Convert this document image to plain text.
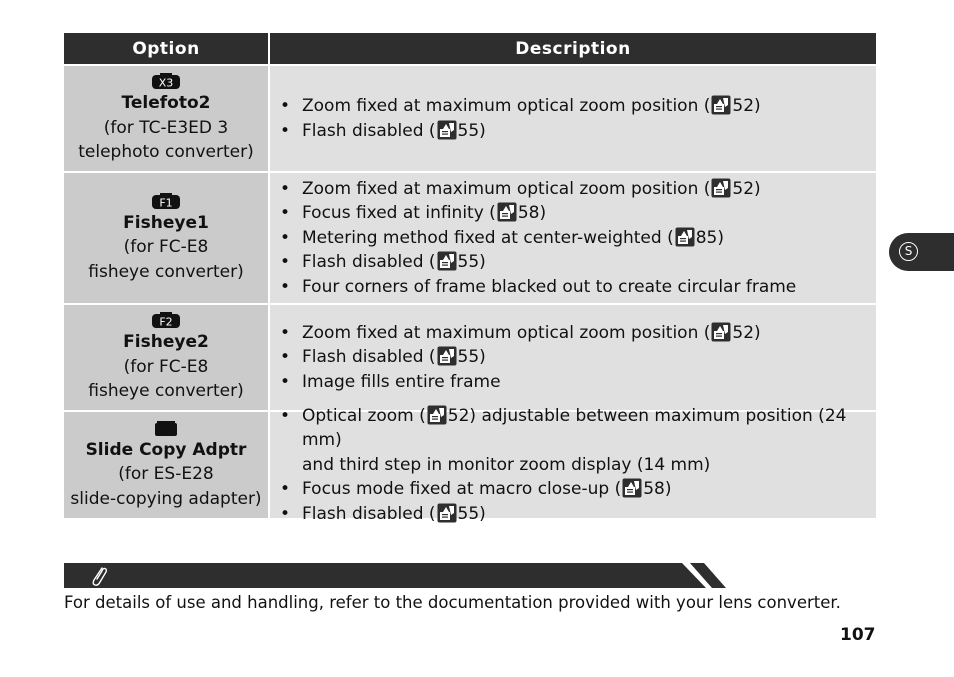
Option	Description
X3
Telefoto2
(for TC-E3ED 3
telephoto converter)
• Zoom fixed at maximum optical zoom position ( 52)
• Flash disabled ( 55)
F1
Fisheye1
(for FC-E8
fisheye converter)
• Zoom fixed at maximum optical zoom position ( 52)
• Focus fixed at infinity ( 58)
• Metering method fixed at center-weighted ( 85)
• Flash disabled ( 55)
• Four corners of frame blacked out to create circular frame
F2
Fisheye2
(for FC-E8
fisheye converter)
• Zoom fixed at maximum optical zoom position ( 52)
• Flash disabled ( 55)
• Image fills entire frame
Slide Copy Adptr
(for ES-E28
slide-copying adapter)
• Optical zoom ( 52) adjustable between maximum position (24 mm)
and third step in monitor zoom display (14 mm)
• Focus mode fixed at macro close-up ( 58)
• Flash disabled ( 55)
S
For details of use and handling, refer to the documentation provided with your lens converter.
107
